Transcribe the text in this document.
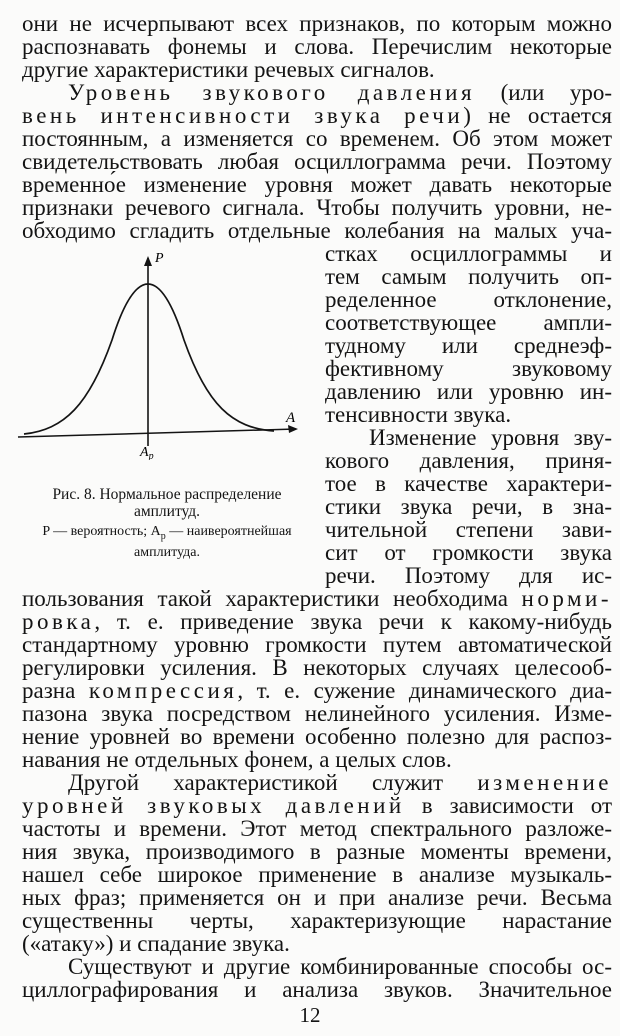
они не исчерпывают всех признаков, по которым можно
распознавать фонемы и слова. Перечислим некоторые
другие характеристики речевых сигналов.
Уровень звукового давления (или уро-
вень интенсивности звука речи) не остается
постоянным, а изменяется со временем. Об этом может
свидетельствовать любая осциллограмма речи. Поэтому
временно́е изменение уровня может давать некоторые
признаки речевого сигнала. Чтобы получить уровни, не-
обходимо сгладить отдельные колебания на малых уча-
стках осциллограммы и
тем самым получить оп-
ределенное отклонение,
соответствующее ампли-
тудному или среднеэф-
фективному звуковому
давлению или уровню ин-
тенсивности звука.
Изменение уровня зву-
кового давления, приня-
тое в качестве характери-
стики звука речи, в зна-
чительной степени зави-
сит от громкости звука
речи. Поэтому для ис-
P
A
$A_p$
Рис. 8. Нормальное распределение амплитуд.
P — вероятность; $A_p$ — наивероятнейшая амплитуда.
пользования такой характеристики необходима норми-
ровка, т. е. приведение звука речи к какому-нибудь
стандартному уровню громкости путем автоматической
регулировки усиления. В некоторых случаях целесооб-
разна компрессия, т. е. сужение динамического диа-
пазона звука посредством нелинейного усиления. Изме-
нение уровней во времени особенно полезно для распоз-
навания не отдельных фонем, а целых слов.
Другой характеристикой служит изменение
уровней звуковых давлений в зависимости от
частоты и времени. Этот метод спектрального разложе-
ния звука, производимого в разные моменты времени,
нашел себе широкое применение в анализе музыкаль-
ных фраз; применяется он и при анализе речи. Весьма
существенны черты, характеризующие нарастание
(«атаку») и спадание звука.
Существуют и другие комбинированные способы ос-
циллографирования и анализа звуков. Значительное
12
